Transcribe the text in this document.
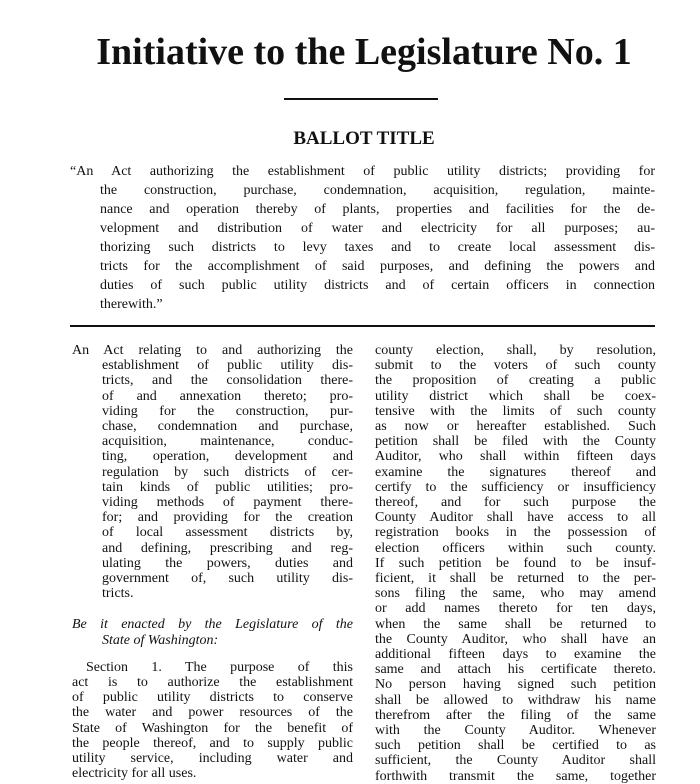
Initiative to the Legislature No. 1
BALLOT TITLE
“An Act authorizing the establishment of public utility districts; providing for
the construction, purchase, condemnation, acquisition, regulation, mainte-
nance and operation thereby of plants, properties and facilities for the de-
velopment and distribution of water and electricity for all purposes; au-
thorizing such districts to levy taxes and to create local assessment dis-
tricts for the accomplishment of said purposes, and defining the powers and
duties of such public utility districts and of certain officers in connection
therewith.”
An Act relating to and authorizing the
establishment of public utility dis-
tricts, and the consolidation there-
of and annexation thereto; pro-
viding for the construction, pur-
chase, condemnation and purchase,
acquisition, maintenance, conduc-
ting, operation, development and
regulation by such districts of cer-
tain kinds of public utilities; pro-
viding methods of payment there-
for; and providing for the creation
of local assessment districts by,
and defining, prescribing and reg-
ulating the powers, duties and
government of, such utility dis-
tricts.
Be it enacted by the Legislature of the
State of Washington:
Section 1. The purpose of this
act is to authorize the establishment
of public utility districts to conserve
the water and power resources of the
State of Washington for the benefit of
the people thereof, and to supply public
utility service, including water and
electricity for all uses.
county election, shall, by resolution,
submit to the voters of such county
the proposition of creating a public
utility district which shall be coex-
tensive with the limits of such county
as now or hereafter established. Such
petition shall be filed with the County
Auditor, who shall within fifteen days
examine the signatures thereof and
certify to the sufficiency or insufficiency
thereof, and for such purpose the
County Auditor shall have access to all
registration books in the possession of
election officers within such county.
If such petition be found to be insuf-
ficient, it shall be returned to the per-
sons filing the same, who may amend
or add names thereto for ten days,
when the same shall be returned to
the County Auditor, who shall have an
additional fifteen days to examine the
same and attach his certificate thereto.
No person having signed such petition
shall be allowed to withdraw his name
therefrom after the filing of the same
with the County Auditor. Whenever
such petition shall be certified to as
sufficient, the County Auditor shall
forthwith transmit the same, together
